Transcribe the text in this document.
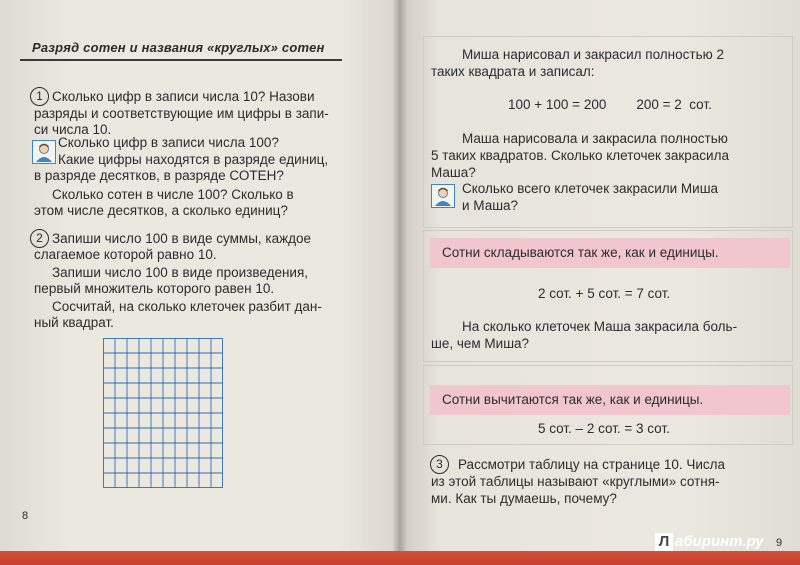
Разряд сотен и названия «круглых» сотен
1 Сколько цифр в записи числа 10? Назови
разряды и соответствующие им цифры в запи-
си числа 10.
Сколько цифр в записи числа 100?
Какие цифры находятся в разряде единиц,
в разряде десятков, в разряде СОТЕН?
Сколько сотен в числе 100? Сколько в
этом числе десятков, а сколько единиц?
2 Запиши число 100 в виде суммы, каждое
слагаемое которой равно 10.
Запиши число 100 в виде произведения,
первый множитель которого равен 10.
Сосчитай, на сколько клеточек разбит дан-
ный квадрат.
8
Миша нарисовал и закрасил полностью 2
таких квадрата и записал:
100 + 100 = 200        200 = 2  сот.
Маша нарисовала и закрасила полностью
5 таких квадратов. Сколько клеточек закрасила
Маша?
Сколько всего клеточек закрасили Миша
и Маша?
Сотни складываются так же, как и единицы.
2 сот. + 5 сот. = 7 сот.
На сколько клеточек Маша закрасила боль-
ше, чем Миша?
Сотни вычитаются так же, как и единицы.
5 сот. – 2 сот. = 3 сот.
3	Рассмотри таблицу на странице 10. Числа
из этой таблицы называют «круглыми» сотня-
ми. Как ты думаешь, почему?
9
Л абиринт.ру
